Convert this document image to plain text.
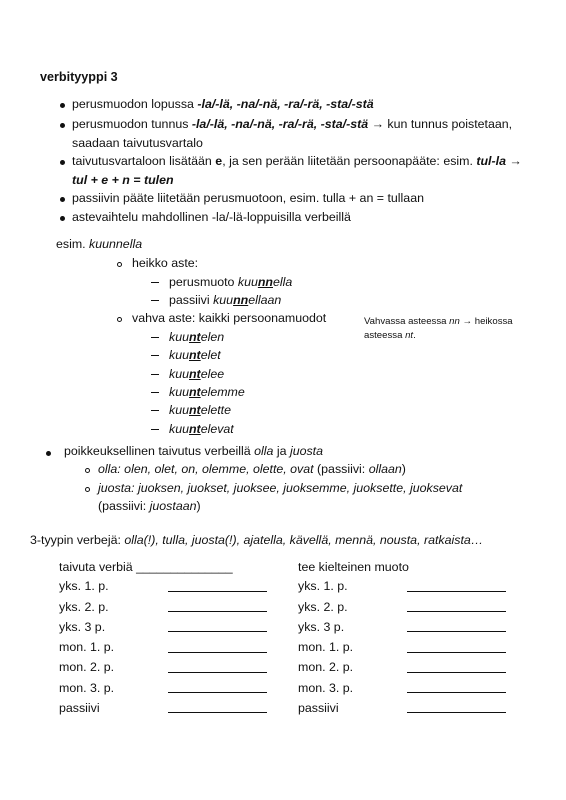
verbityyppi 3
perusmuodon lopussa -la/-lä, -na/-nä, -ra/-rä, -sta/-stä
perusmuodon tunnus -la/-lä, -na/-nä, -ra/-rä, -sta/-stä → kun tunnus poistetaan,
saadaan taivutusvartalo
taivutusvartaloon lisätään e, ja sen perään liitetään persoonapääte: esim. tul-la →
tul + e + n = tulen
passiivin pääte liitetään perusmuotoon, esim. tulla + an = tullaan
astevaihtelu mahdollinen -la/-lä-loppuisilla verbeillä
esim. kuunnella
heikko aste:
perusmuoto kuunnella
passiivi kuunnellaan
vahva aste: kaikki persoonamuodot	Vahvassa asteessa nn → heikossa
asteessa nt.
kuuntelen
kuuntelet
kuuntelee
kuuntelemme
kuuntelette
kuuntelevat
poikkeuksellinen taivutus verbeillä olla ja juosta
olla: olen, olet, on, olemme, olette, ovat (passiivi: ollaan)
juosta: juoksen, juokset, juoksee, juoksemme, juoksette, juoksevat
(passiivi: juostaan)
3-tyypin verbejä: olla(!), tulla, juosta(!), ajatella, kävellä, mennä, nousta, ratkaista…
taivuta verbiä ______________
yks. 1. p.
yks. 2. p.
yks. 3 p.
mon. 1. p.
mon. 2. p.
mon. 3. p.
passiivi
tee kielteinen muoto
yks. 1. p.
yks. 2. p.
yks. 3 p.
mon. 1. p.
mon. 2. p.
mon. 3. p.
passiivi
